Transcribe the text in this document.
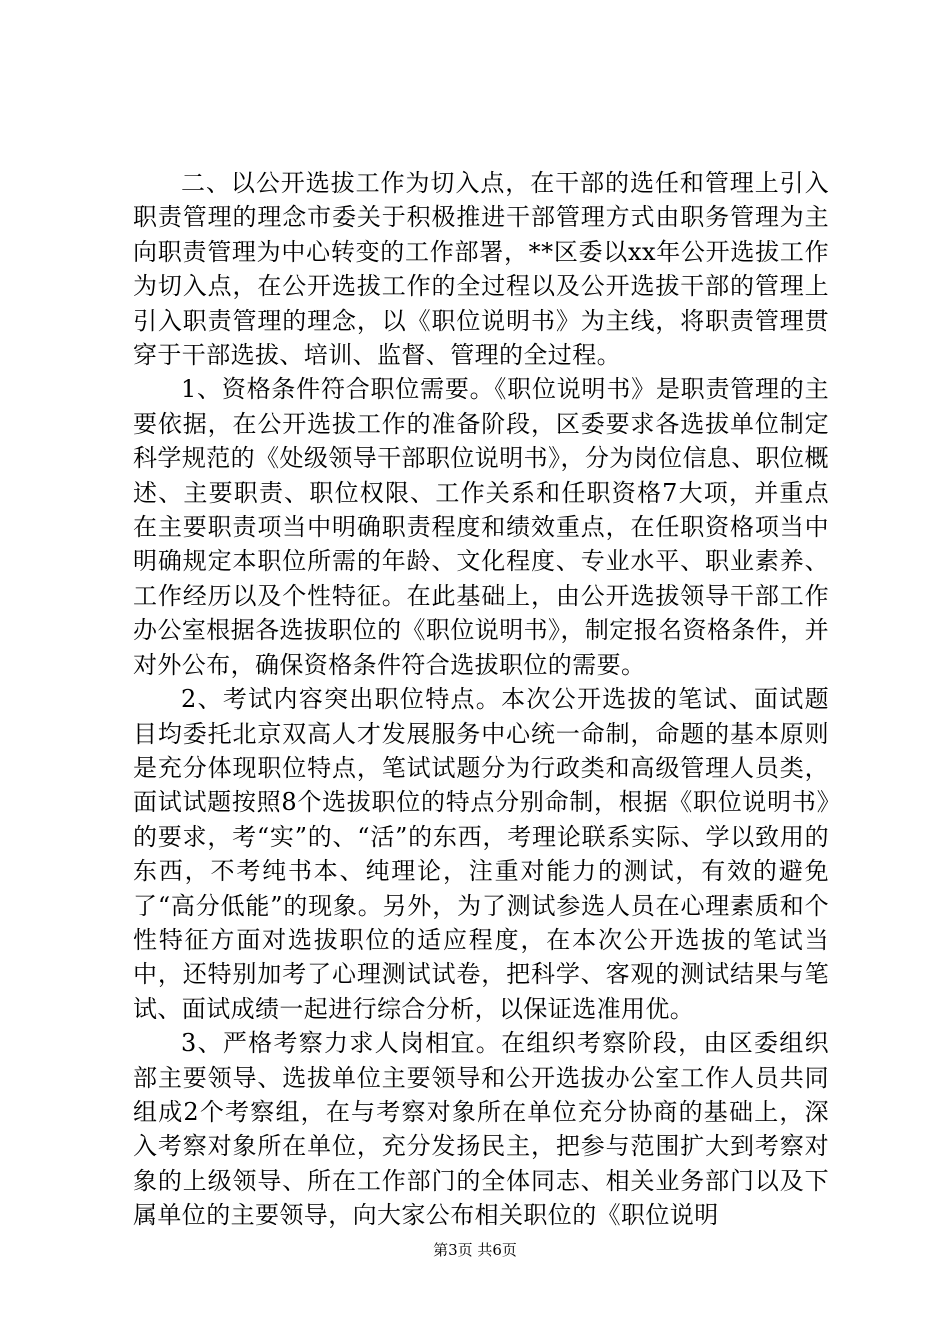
二、以公开选拔工作为切入点，在干部的选任和管理上引入职责管理的理念市委关于积极推进干部管理方式由职务管理为主向职责管理为中心转变的工作部署，**区委以xx年公开选拔工作为切入点，在公开选拔工作的全过程以及公开选拔干部的管理上引入职责管理的理念，以《职位说明书》为主线，将职责管理贯穿于干部选拔、培训、监督、管理的全过程。

1、资格条件符合职位需要。《职位说明书》是职责管理的主要依据，在公开选拔工作的准备阶段，区委要求各选拔单位制定科学规范的《处级领导干部职位说明书》，分为岗位信息、职位概述、主要职责、职位权限、工作关系和任职资格7大项，并重点在主要职责项当中明确职责程度和绩效重点，在任职资格项当中明确规定本职位所需的年龄、文化程度、专业水平、职业素养、工作经历以及个性特征。在此基础上，由公开选拔领导干部工作办公室根据各选拔职位的《职位说明书》，制定报名资格条件，并对外公布，确保资格条件符合选拔职位的需要。

2、考试内容突出职位特点。本次公开选拔的笔试、面试题目均委托北京双高人才发展服务中心统一命制，命题的基本原则是充分体现职位特点，笔试试题分为行政类和高级管理人员类，面试试题按照8个选拔职位的特点分别命制，根据《职位说明书》的要求，考“实”的、“活”的东西，考理论联系实际、学以致用的东西，不考纯书本、纯理论，注重对能力的测试，有效的避免了“高分低能”的现象。另外，为了测试参选人员在心理素质和个性特征方面对选拔职位的适应程度，在本次公开选拔的笔试当中，还特别加考了心理测试试卷，把科学、客观的测试结果与笔试、面试成绩一起进行综合分析，以保证选准用优。

3、严格考察力求人岗相宜。在组织考察阶段，由区委组织部主要领导、选拔单位主要领导和公开选拔办公室工作人员共同组成2个考察组，在与考察对象所在单位充分协商的基础上，深入考察对象所在单位，充分发扬民主，把参与范围扩大到考察对象的上级领导、所在工作部门的全体同志、相关业务部门以及下属单位的主要领导，向大家公布相关职位的《职位说明

第3页 共6页
